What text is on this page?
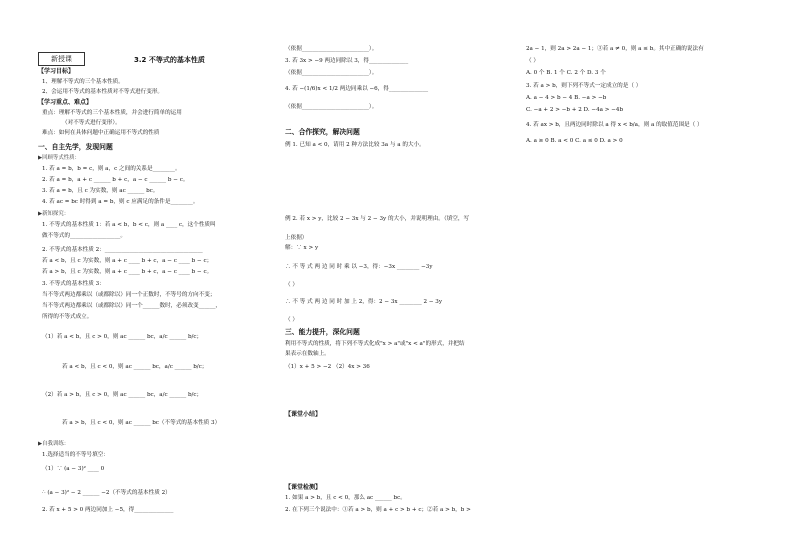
新授课	3.2 不等式的基本性质
【学习目标】
1、理解不等式的三个基本性质。
2、会运用不等式的基本性质对不等式进行变形。
【学习重点、难点】
重点：理解不等式的三个基本性质，并会进行简单的运用
（对不等式进行变形）。
难点：如何在具体问题中正确运用不等式的性质
一、自主先学，发现问题
▶回顾等式性质：
1. 若 a = b，b = c，则 a，c 之间的关系是________。
2. 若 a = b，a + c ______ b + c，a − c ______ b − c。
3. 若 a = b，且 c 为实数，则 ac ______ bc。
4. 若 ac = bc 时得到 a = b，则 c 应满足的条件是________。
▶新知探究：
1. 不等式的基本性质 1：若 a < b，b < c，则 a ____ c，这个性质叫
做不等式的__________________。
2. 不等式的基本性质 2：___________________________________
若 a < b，且 c 为实数，则 a + c ____ b + c，a − c ____ b − c；
若 a > b，且 c 为实数，则 a + c ____ b + c，a − c ____ b − c。
3. 不等式的基本性质 3：
当不等式两边都乘以（或都除以）同一个正数时，不等号的方向不变；
当不等式两边都乘以（或都除以）同一个______数时，必须改变______，
所得的不等式成立。
（1）若 a < b，且 c > 0，则 ac ______ bc，a/c ______ b/c；
若 a < b，且 c < 0，则 ac ______ bc，a/c ______ b/c；
（2）若 a > b，且 c > 0，则 ac ______ bc，a/c ______ b/c；
若 a > b，且 c < 0，则 ac ______ bc（不等式的基本性质 3）
▶自我训练：
1.选择适当的不等号填空：
（1）∵ (a − 3)² ____ 0
∴ (a − 3)² − 2 ______ −2（不等式的基本性质 2）
2. 若 x + 5 > 0 两边同加上 −5，得______________
（依据________________________）。
3. 若 3x > −9 两边同除以 3，得______________
（依据________________________）。
4. 若 −(1/6)x < 1/2 两边同乘以 −6，得______________
（依据________________________）。
二、合作探究，解决问题
例 1. 已知 a < 0，请用 2 种方法比较 3a 与 a 的大小。
例 2. 若 x > y，比较 2 − 3x 与 2 − 3y 的大小，并说明理由。（填空，写
上依据）
解：∵ x > y
∴ 不 等 式 两 边 同 时 乘 以 −3，得：−3x ________ −3y
（ ）
∴ 不 等 式 两 边 同 时 加 上 2，得：2 − 3x ________ 2 − 3y
（ ）
三、能力提升，深化问题
利用不等式的性质，将下列不等式化成"x > a"或"x < a"的形式，并把结
果表示在数轴上。
（1）x + 5 > −2 （2）4x > 36
【课堂小结】
【课堂检测】
1. 如果 a > b，且 c < 0，那么 ac ______ bc。
2. 在下列三个说法中：①若 a > b，则 a + c > b + c；②若 a > b，b >
2a − 1，则 2a > 2a − 1；③若 a ≠ 0，则 a ≤ b。其中正确的说法有
（ ）
A. 0 个 B. 1 个 C. 2 个 D. 3 个
3. 若 a > b，则下列不等式一定成立的是（ ）
A. a − 4 > b − 4 B. −a > −b
C. −a + 2 > −b + 2 D. −4a > −4b
4. 若 ax > b，且两边同时除以 a 得 x < b/a，则 a 的取值范围是（ ）
A. a ≥ 0 B. a < 0 C. a ≤ 0 D. a > 0
